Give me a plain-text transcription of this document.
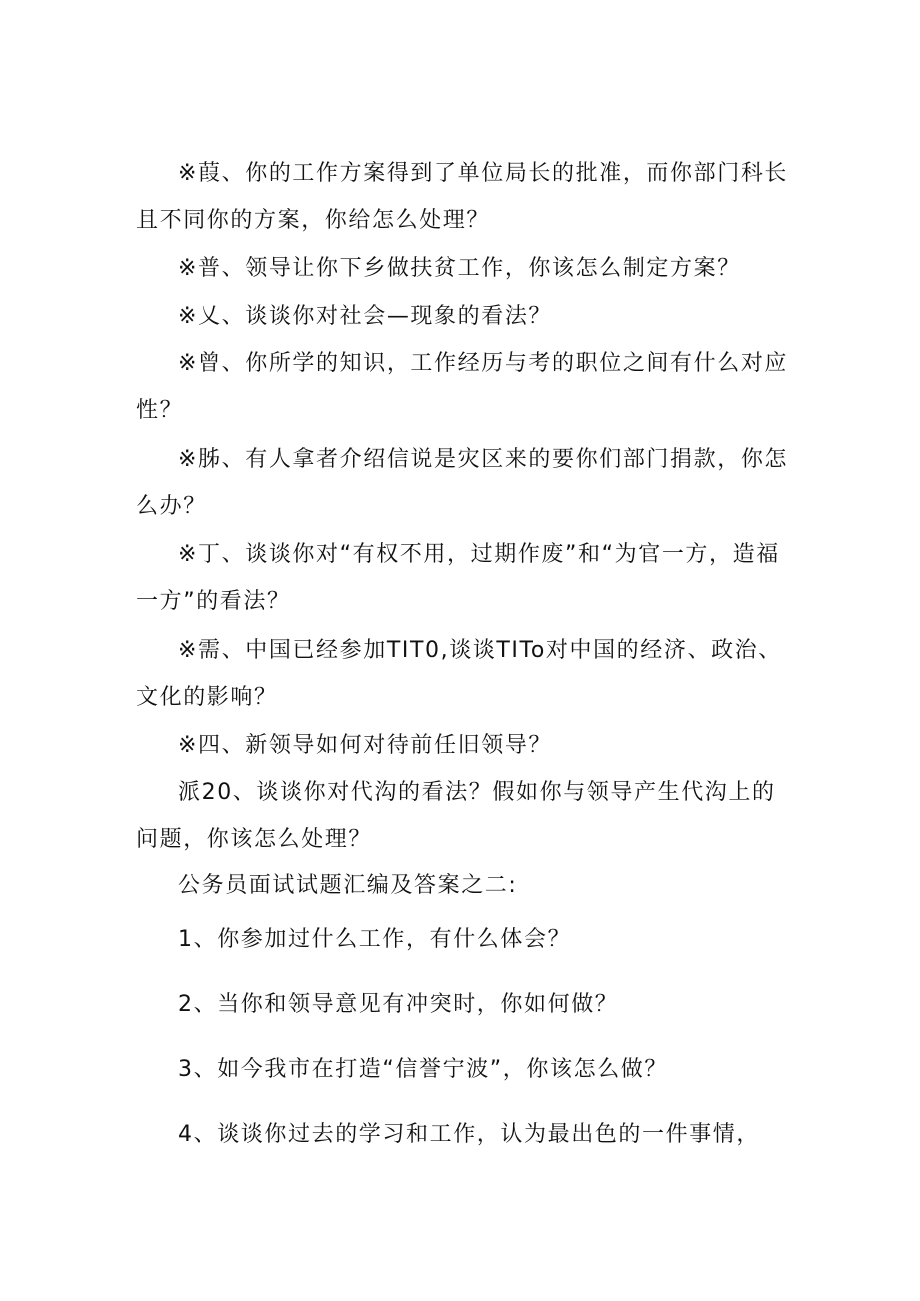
※葭、你的工作方案得到了单位局长的批准，而你部门科长且不同你的方案，你给怎么处理？

※普、领导让你下乡做扶贫工作，你该怎么制定方案？

※乂、谈谈你对社会—现象的看法？

※曾、你所学的知识，工作经历与考的职位之间有什么对应性？

※胏、有人拿者介绍信说是灾区来的要你们部门捐款，你怎么办？

※丁、谈谈你对“有权不用，过期作废”和“为官一方，造福一方”的看法？

※需、中国已经参加TIT0,谈谈TITo对中国的经济、政治、文化的影响？

※四、新领导如何对待前任旧领导？

派20、谈谈你对代沟的看法？假如你与领导产生代沟上的问题，你该怎么处理？

公务员面试试题汇编及答案之二:

1、你参加过什么工作，有什么体会？

2、当你和领导意见有冲突时，你如何做？

3、如今我市在打造“信誉宁波”，你该怎么做？

4、谈谈你过去的学习和工作，认为最出色的一件事情，
